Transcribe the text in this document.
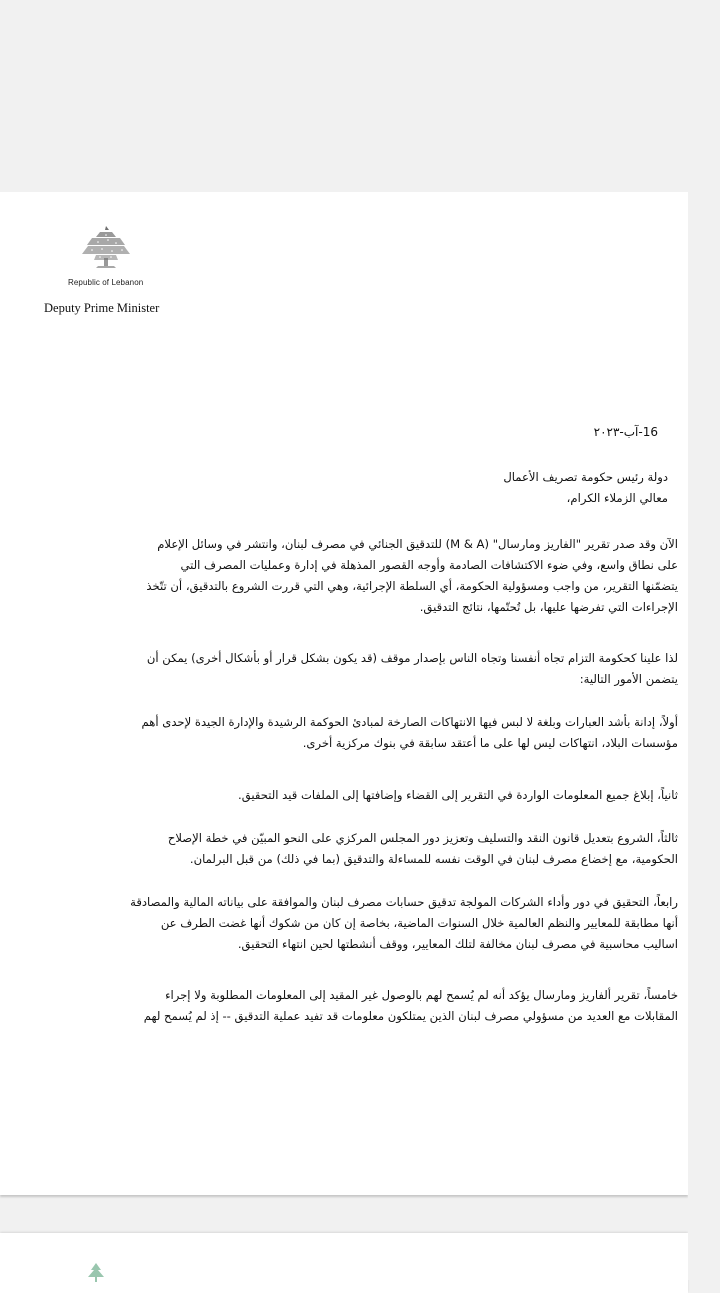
Republic of Lebanon
Deputy Prime Minister
16-آب-٢٠٢٣
دولة رئيس حكومة تصريف الأعمال
معالي الزملاء الكرام،
الآن وقد صدر تقرير "الفاريز ومارسال" (M & A) للتدقيق الجنائي في مصرف لبنان، وانتشر في وسائل الإعلام
على نطاق واسع، وفي ضوء الاكتشافات الصادمة وأوجه القصور المذهلة في إدارة وعمليات المصرف التي
يتضمّنها التقرير، من واجب ومسؤولية الحكومة، أي السلطة الإجرائية، وهي التي قررت الشروع بالتدقيق، أن تتّخذ
الإجراءات التي تفرضها عليها، بل تُحتّمها، نتائج التدقيق.
لذا علينا كحكومة التزام تجاه أنفسنا وتجاه الناس بإصدار موقف (قد يكون بشكل قرار أو بأشكال أخرى) يمكن أن
يتضمن الأمور التالية:
أولاً، إدانة بأشد العبارات وبلغة لا لبس فيها الانتهاكات الصارخة لمبادئ الحوكمة الرشيدة والإدارة الجيدة لإحدى أهم
مؤسسات البلاد، انتهاكات ليس لها على ما أعتقد سابقة في بنوك مركزية أخرى.
ثانياً، إبلاغ جميع المعلومات الواردة في التقرير إلى القضاء وإضافتها إلى الملفات قيد التحقيق.
ثالثاً، الشروع بتعديل قانون النقد والتسليف وتعزيز دور المجلس المركزي على النحو المبيّن في خطة الإصلاح
الحكومية، مع إخضاع مصرف لبنان في الوقت نفسه للمساءلة والتدقيق (بما في ذلك) من قبل البرلمان.
رابعاً، التحقيق في دور وأداء الشركات المولجة تدقيق حسابات مصرف لبنان والموافقة على بياناته المالية والمصادقة
أنها مطابقة للمعايير والنظم العالمية خلال السنوات الماضية، بخاصة إن كان من شكوك أنها غضت الطرف عن
اساليب محاسبية في مصرف لبنان مخالفة لتلك المعايير، ووقف أنشطتها لحين انتهاء التحقيق.
خامساً، تقرير ألفاريز ومارسال يؤكد أنه لم يُسمح لهم بالوصول غير المقيد إلى المعلومات المطلوبة ولا إجراء
المقابلات مع العديد من مسؤولي مصرف لبنان الذين يمتلكون معلومات قد تفيد عملية التدقيق -- إذ لم يُسمح لهم
